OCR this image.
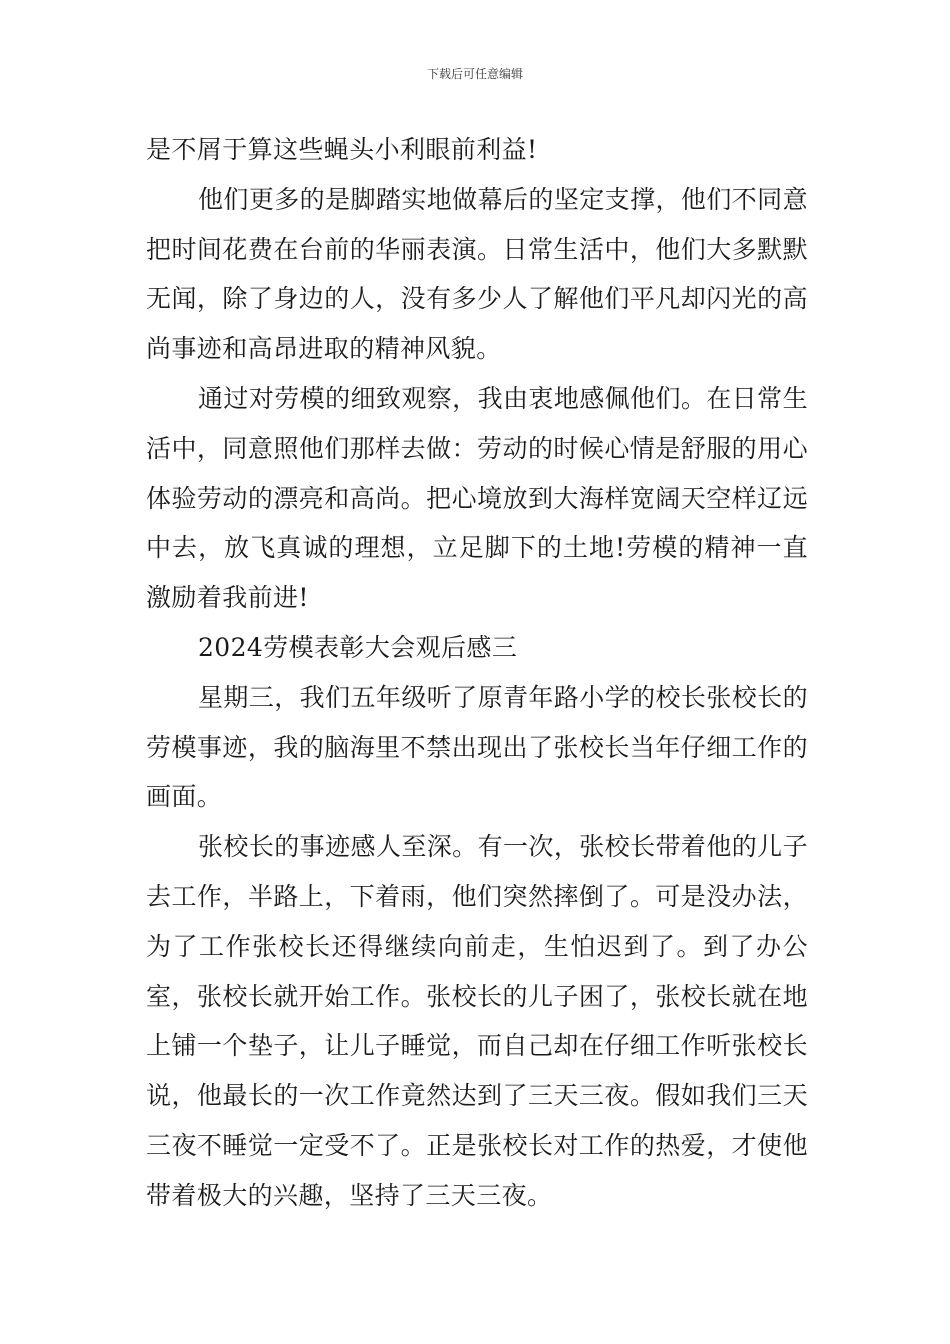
下载后可任意编辑

是不屑于算这些蝇头小利眼前利益!

他们更多的是脚踏实地做幕后的坚定支撑，他们不同意把时间花费在台前的华丽表演。日常生活中，他们大多默默无闻，除了身边的人，没有多少人了解他们平凡却闪光的高尚事迹和高昂进取的精神风貌。

通过对劳模的细致观察，我由衷地感佩他们。在日常生活中，同意照他们那样去做：劳动的时候心情是舒服的用心体验劳动的漂亮和高尚。把心境放到大海样宽阔天空样辽远中去，放飞真诚的理想，立足脚下的土地!劳模的精神一直激励着我前进!

2024劳模表彰大会观后感三

星期三，我们五年级听了原青年路小学的校长张校长的劳模事迹，我的脑海里不禁出现出了张校长当年仔细工作的画面。

张校长的事迹感人至深。有一次，张校长带着他的儿子去工作，半路上，下着雨，他们突然摔倒了。可是没办法，为了工作张校长还得继续向前走，生怕迟到了。到了办公室，张校长就开始工作。张校长的儿子困了，张校长就在地上铺一个垫子，让儿子睡觉，而自己却在仔细工作听张校长说，他最长的一次工作竟然达到了三天三夜。假如我们三天三夜不睡觉一定受不了。正是张校长对工作的热爱，才使他带着极大的兴趣，坚持了三天三夜。
